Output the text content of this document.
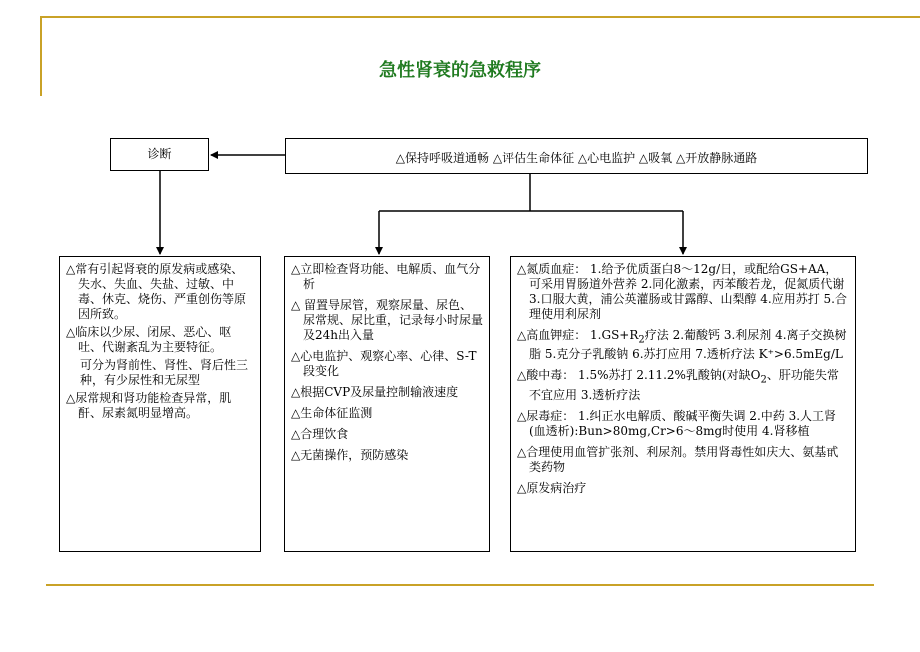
急性肾衰的急救程序
诊断	△保持呼吸道通畅 △评估生命体征 △心电监护 △吸氧 △开放静脉通路
△常有引起肾衰的原发病或感染、失水、失血、失盐、过敏、中毒、休克、烧伤、严重创伤等原因所致。
△临床以少尿、闭尿、恶心、呕吐、代谢紊乱为主要特征。
可分为肾前性、肾性、肾后性三种，有少尿性和无尿型
△尿常规和肾功能检查异常，肌酐、尿素氮明显增高。
△立即检查肾功能、电解质、血气分析
△ 留置导尿管，观察尿量、尿色、尿常规、尿比重，记录每小时尿量及24h出入量
△心电监护、观察心率、心律、S-T段变化
△根据CVP及尿量控制输液速度
△生命体征监测
△合理饮食
△无菌操作，预防感染
△氮质血症： 1.给予优质蛋白8～12g/日，或配给GS+AA，可采用胃肠道外营养 2.同化激素，丙苯酸若龙，促氮质代谢 3.口服大黄，浦公英灌肠或甘露醇、山梨醇 4.应用苏打 5.合理使用利尿剂
△高血钾症： $1.GS+R_2$疗法 2.葡酸钙 3.利尿剂 4.离子交换树脂 5.克分子乳酸钠 6.苏打应用 7.透析疗法 K⁺>6.5mEg/L
△酸中毒： 1.5%苏打 2.11.2%乳酸钠(对缺$O_2$、肝功能失常不宜应用 3.透析疗法
△尿毒症： 1.纠正水电解质、酸碱平衡失调 2.中药 3.人工肾(血透析):Bun>80mg,Cr>6～8mg时使用 4.肾移植
△合理使用血管扩张剂、利尿剂。禁用肾毒性如庆大、氨基甙类药物
△原发病治疗
